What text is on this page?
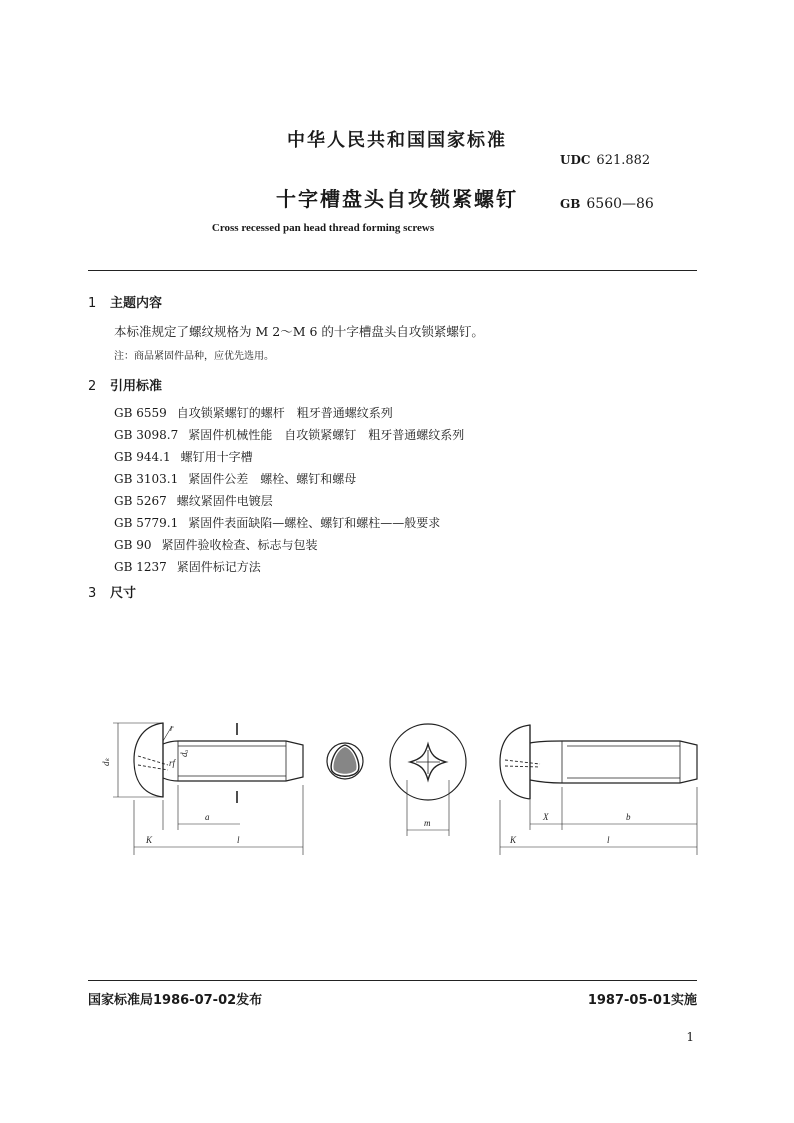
中华人民共和国国家标准
UDC 621.882
十字槽盘头自攻锁紧螺钉	GB 6560—86
Cross recessed pan head thread forming screws
1 主题内容
本标准规定了螺纹规格为 M 2～M 6 的十字槽盘头自攻锁紧螺钉。
注：商品紧固件品种，应优先选用。
2 引用标准
GB 6559 自攻锁紧螺钉的螺杆　粗牙普通螺纹系列
GB 3098.7 紧固件机械性能　自攻锁紧螺钉　粗牙普通螺纹系列
GB 944.1 螺钉用十字槽
GB 3103.1 紧固件公差　螺栓、螺钉和螺母
GB 5267 螺纹紧固件电镀层
GB 5779.1 紧固件表面缺陷—螺栓、螺钉和螺柱——般要求
GB 90 紧固件验收检查、标志与包装
GB 1237 紧固件标记方法
3 尺寸
dₖ
r
rf
dₐ
a
K	l
m
X	b
K	l
国家标准局1986-07-02发布	1987-05-01实施
1
